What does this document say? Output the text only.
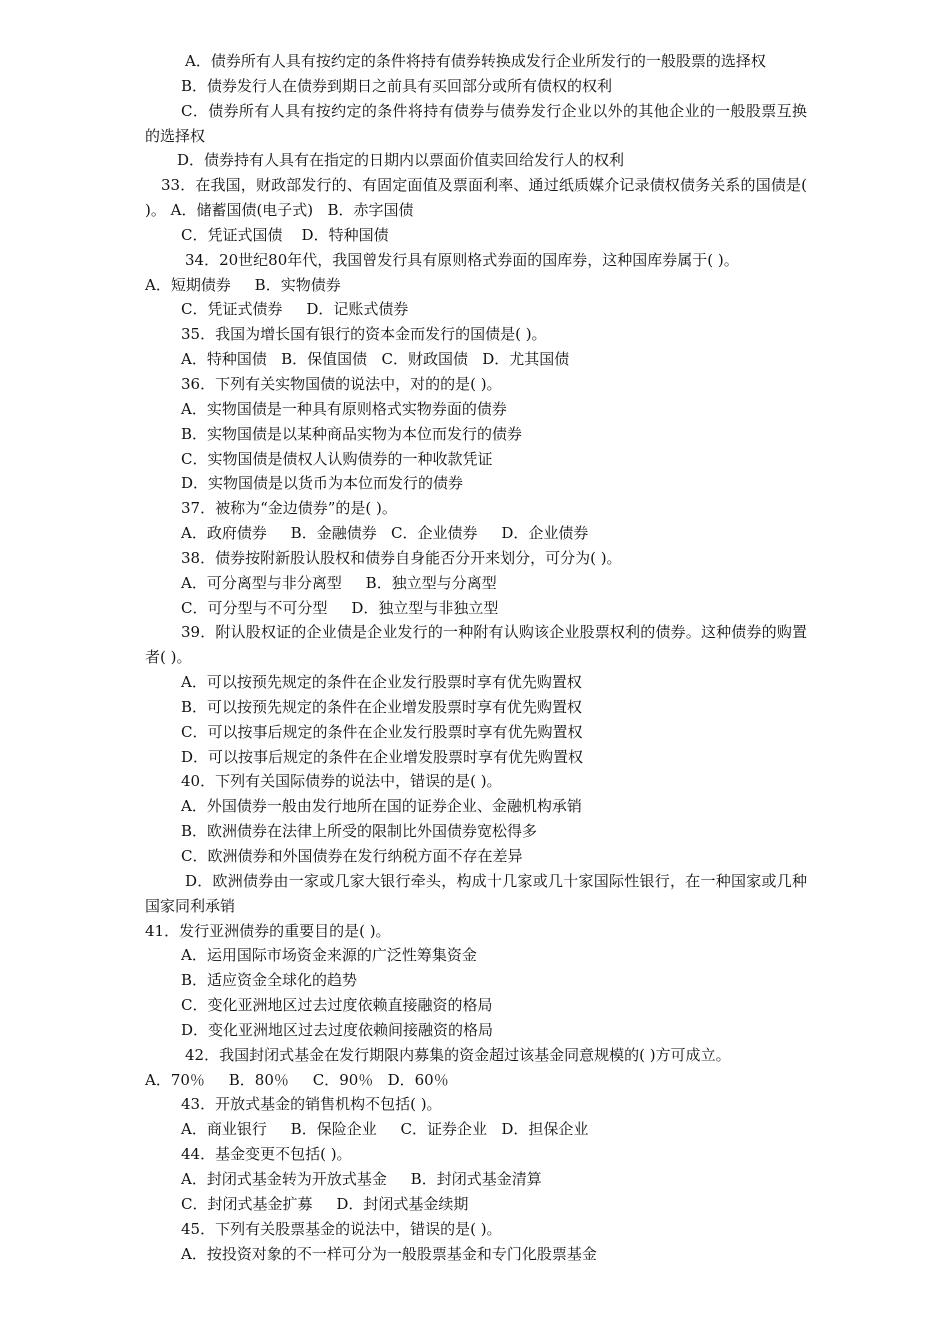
A．债券所有人具有按约定的条件将持有债券转换成发行企业所发行的一般股票的选择权

B．债券发行人在债券到期日之前具有买回部分或所有债权的权利

C．债券所有人具有按约定的条件将持有债券与债券发行企业以外的其他企业的一般股票互换的选择权

D．债券持有人具有在指定的日期内以票面价值卖回给发行人的权利

33．在我国，财政部发行的、有固定面值及票面利率、通过纸质媒介记录债权债务关系的国债是( )。 A．储蓄国债(电子式)   B．赤字国债

C．凭证式国债    D．特种国债

34．20世纪80年代，我国曾发行具有原则格式券面的国库券，这种国库券属于( )。

A．短期债券     B．实物债券

C．凭证式债券     D．记账式债券

35．我国为增长国有银行的资本金而发行的国债是( )。

A．特种国债   B．保值国债   C．财政国债   D．尤其国债

36．下列有关实物国债的说法中，对的的是( )。

A．实物国债是一种具有原则格式实物券面的债券

B．实物国债是以某种商品实物为本位而发行的债券

C．实物国债是债权人认购债券的一种收款凭证

D．实物国债是以货币为本位而发行的债券

37．被称为“金边债券”的是( )。

A．政府债券     B．金融债券   C．企业债券     D．企业债券

38．债券按附新股认股权和债券自身能否分开来划分，可分为( )。

A．可分离型与非分离型     B．独立型与分离型

C．可分型与不可分型     D．独立型与非独立型

39．附认股权证的企业债是企业发行的一种附有认购该企业股票权利的债券。这种债券的购置者( )。

A．可以按预先规定的条件在企业发行股票时享有优先购置权

B．可以按预先规定的条件在企业增发股票时享有优先购置权

C．可以按事后规定的条件在企业发行股票时享有优先购置权

D．可以按事后规定的条件在企业增发股票时享有优先购置权

40．下列有关国际债券的说法中，错误的是( )。

A．外国债券一般由发行地所在国的证券企业、金融机构承销

B．欧洲债券在法律上所受的限制比外国债券宽松得多

C．欧洲债券和外国债券在发行纳税方面不存在差异

D．欧洲债券由一家或几家大银行牵头，构成十几家或几十家国际性银行，在一种国家或几种国家同利承销

41．发行亚洲债券的重要目的是( )。

A．运用国际市场资金来源的广泛性筹集资金

B．适应资金全球化的趋势

C．变化亚洲地区过去过度依赖直接融资的格局

D．变化亚洲地区过去过度依赖间接融资的格局

42．我国封闭式基金在发行期限内募集的资金超过该基金同意规模的( )方可成立。

A．70％     B．80％     C．90％   D．60％

43．开放式基金的销售机构不包括( )。

A．商业银行     B．保险企业     C．证券企业   D．担保企业

44．基金变更不包括( )。

A．封闭式基金转为开放式基金     B．封闭式基金清算

C．封闭式基金扩募     D．封闭式基金续期

45．下列有关股票基金的说法中，错误的是( )。

A．按投资对象的不一样可分为一般股票基金和专门化股票基金
